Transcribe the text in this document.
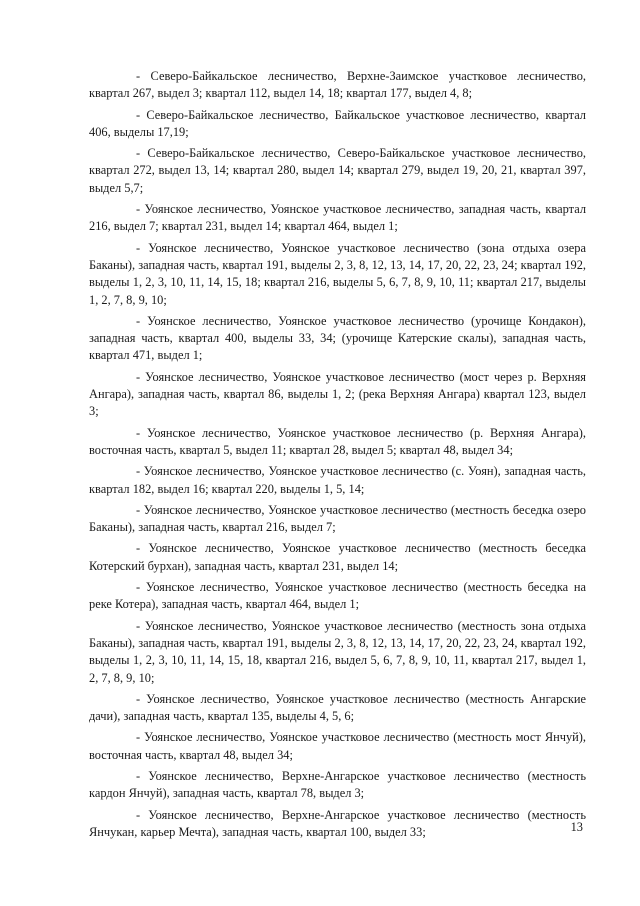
- Северо-Байкальское лесничество, Верхне-Заимское участковое лесничество, квартал 267, выдел 3; квартал 112, выдел 14, 18; квартал 177, выдел 4, 8;

- Северо-Байкальское лесничество, Байкальское участковое лесничество, квартал 406, выделы 17,19;

- Северо-Байкальское лесничество, Северо-Байкальское участковое лесничество, квартал 272, выдел 13, 14; квартал 280, выдел 14; квартал 279, выдел 19, 20, 21, квартал 397, выдел 5,7;

- Уоянское лесничество, Уоянское участковое лесничество, западная часть, квартал 216, выдел 7; квартал 231, выдел 14; квартал 464, выдел 1;

- Уоянское лесничество, Уоянское участковое лесничество (зона отдыха озера Баканы), западная часть, квартал 191, выделы 2, 3, 8, 12, 13, 14, 17, 20, 22, 23, 24; квартал 192, выделы 1, 2, 3, 10, 11, 14, 15, 18; квартал 216, выделы 5, 6, 7, 8, 9, 10, 11; квартал 217, выделы 1, 2, 7, 8, 9, 10;

- Уоянское лесничество, Уоянское участковое лесничество (урочище Кондакон), западная часть, квартал 400, выделы 33, 34; (урочище Катерские скалы), западная часть, квартал 471, выдел 1;

- Уоянское лесничество, Уоянское участковое лесничество (мост через р. Верхняя Ангара), западная часть, квартал 86, выделы 1, 2; (река Верхняя Ангара) квартал 123, выдел 3;

- Уоянское лесничество, Уоянское участковое лесничество (р. Верхняя Ангара), восточная часть, квартал 5, выдел 11; квартал 28, выдел 5; квартал 48, выдел 34;

- Уоянское лесничество, Уоянское участковое лесничество (с. Уоян), западная часть, квартал 182, выдел 16; квартал 220, выделы 1, 5, 14;

- Уоянское лесничество, Уоянское участковое лесничество (местность беседка озеро Баканы), западная часть, квартал 216, выдел 7;

- Уоянское лесничество, Уоянское участковое лесничество (местность беседка Котерский бурхан), западная часть, квартал 231, выдел 14;

- Уоянское лесничество, Уоянское участковое лесничество (местность беседка на реке Котера), западная часть, квартал 464, выдел 1;

- Уоянское лесничество, Уоянское участковое лесничество (местность зона отдыха Баканы), западная часть, квартал 191, выделы 2, 3, 8, 12, 13, 14, 17, 20, 22, 23, 24, квартал 192, выделы 1, 2, 3, 10, 11, 14, 15, 18, квартал 216, выдел 5, 6, 7, 8, 9, 10, 11, квартал 217, выдел 1, 2, 7, 8, 9, 10;

- Уоянское лесничество, Уоянское участковое лесничество (местность Ангарские дачи), западная часть, квартал 135, выделы 4, 5, 6;

- Уоянское лесничество, Уоянское участковое лесничество (местность мост Янчуй), восточная часть, квартал 48, выдел 34;

- Уоянское лесничество, Верхне-Ангарское участковое лесничество (местность кардон Янчуй), западная часть, квартал 78, выдел 3;

- Уоянское лесничество, Верхне-Ангарское участковое лесничество (местность Янчукан, карьер Мечта), западная часть, квартал 100, выдел 33;	13
